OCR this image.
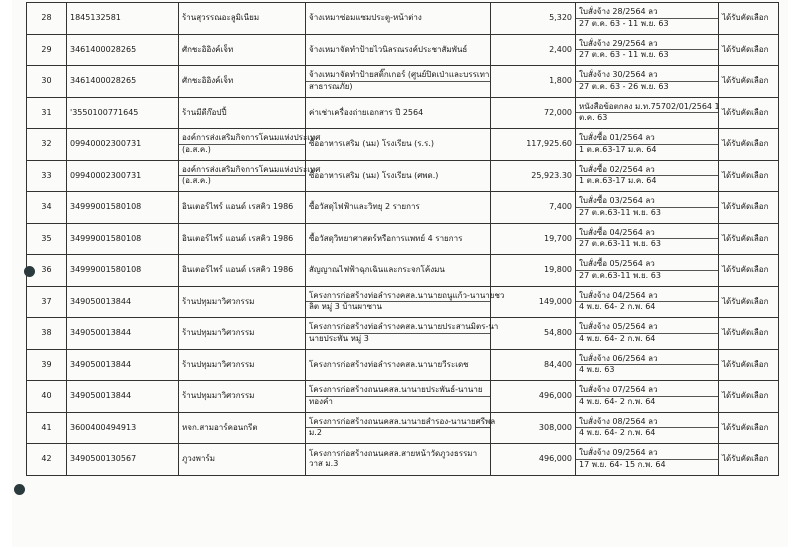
28	1845132581	ร้านสุวรรณอะลูมิเนียม	จ้างเหมาซ่อมแซมประตู-หน้าต่าง	5,320	ใบสั่งจ้าง 28/2564 ลว
27 ต.ค. 63 - 11 พ.ย. 63	ได้รับคัดเลือก
29	3461400028265	ศักชะอิอิงค์เจ็ท	จ้างเหมาจัดทำป้ายไวนิลรณรงค์ประชาสัมพันธ์	2,400	ใบสั่งจ้าง 29/2564 ลว
27 ต.ค. 63 - 11 พ.ย. 63	ได้รับคัดเลือก
30	3461400028265	ศักชะอิอิงค์เจ็ท	จ้างเหมาจัดทำป้ายสติ๊กเกอร์ (ศูนย์ปิดเป่าและบรรเทา
สาธารณภัย)	1,800	ใบสั่งจ้าง 30/2564 ลว
27 ต.ค. 63 - 26 พ.ย. 63	ได้รับคัดเลือก
31	'3550100771645	ร้านมีดีก๊อปปี้	ค่าเช่าเครื่องถ่ายเอกสาร ปี 2564	72,000	หนังสือข้อตกลง ม.ท.75702/01/2564 1
ต.ค. 63	ได้รับคัดเลือก
32	09940002300731	องค์การส่งเสริมกิจการโคนมแห่งประเทศ
(อ.ส.ค.)	ซื้ออาหารเสริม (นม) โรงเรียน (ร.ร.)	117,925.60	ใบสั่งซื้อ 01/2564 ลว
1 ต.ค.63-17 ม.ค. 64	ได้รับคัดเลือก
33	09940002300731	องค์การส่งเสริมกิจการโคนมแห่งประเทศ
(อ.ส.ค.)	ซื้ออาหารเสริม (นม) โรงเรียน (ศพด.)	25,923.30	ใบสั่งซื้อ 02/2564 ลว
1 ต.ค.63-17 ม.ค. 64	ได้รับคัดเลือก
34	34999001580108	อินเตอร์ไพร์ แอนด์ เรสคิว 1986	ซื้อวัสดุไฟฟ้าและวิทยุ 2 รายการ	7,400	ใบสั่งซื้อ 03/2564 ลว
27 ต.ค.63-11 พ.ย. 63	ได้รับคัดเลือก
35	34999001580108	อินเตอร์ไพร์ แอนด์ เรสคิว 1986	ซื้อวัสดุวิทยาศาสตร์หรือการแพทย์ 4 รายการ	19,700	ใบสั่งซื้อ 04/2564 ลว
27 ต.ค.63-11 พ.ย. 63	ได้รับคัดเลือก
36	34999001580108	อินเตอร์ไพร์ แอนด์ เรสคิว 1986	สัญญาณไฟฟ้าฉุกเฉินและกระจกโค้งมน	19,800	ใบสั่งซื้อ 05/2564 ลว
27 ต.ค.63-11 พ.ย. 63	ได้รับคัดเลือก
37	349050013844	ร้านปทุมมาวิศวกรรม	โครงการก่อสร้างท่อลำรางคสล.นานายถนูแก้ว-นานายชว
ลิต หมู่ 3 บ้านผาซาน	149,000	ใบสั่งจ้าง 04/2564 ลว
4 พ.ย. 64- 2 ก.พ. 64	ได้รับคัดเลือก
38	349050013844	ร้านปทุมมาวิศวกรรม	โครงการก่อสร้างท่อลำรางคสล.นานายประสานมิตร-นา
นายประพัน หมู่ 3	54,800	ใบสั่งจ้าง 05/2564 ลว
4 พ.ย. 64- 2 ก.พ. 64	ได้รับคัดเลือก
39	349050013844	ร้านปทุมมาวิศวกรรม	โครงการก่อสร้างท่อลำรางคสล.นานายวีระเดช	84,400	ใบสั่งจ้าง 06/2564 ลว
4 พ.ย. 63	ได้รับคัดเลือก
40	349050013844	ร้านปทุมมาวิศวกรรม	โครงการก่อสร้างถนนคสล.นานายประพันธ์-นานาย
ทองคำ	496,000	ใบสั่งจ้าง 07/2564 ลว
4 พ.ย. 64- 2 ก.พ. 64	ได้รับคัดเลือก
41	3600400494913	หจก.สามอาร์คอนกรีต	โครงการก่อสร้างถนนคสล.นานายสำรอง-นานายศรีพล
ม.2	308,000	ใบสั่งจ้าง 08/2564 ลว
4 พ.ย. 64- 2 ก.พ. 64	ได้รับคัดเลือก
42	3490500130567	ภูวงพาร์ม	โครงการก่อสร้างถนนคสล.สายหน้าวัดภูวงธรรมาวาส ม.3	496,000	ใบสั่งจ้าง 09/2564 ลว
17 พ.ย. 64- 15 ก.พ. 64	ได้รับคัดเลือก
